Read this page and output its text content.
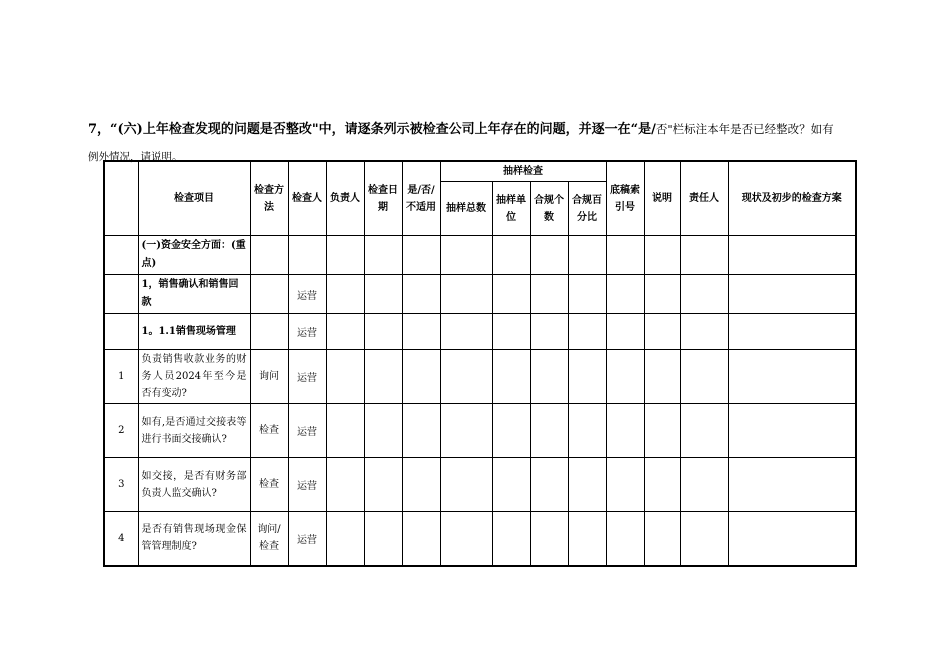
7，“(六)上年检查发现的问题是否整改"中，请逐条列示被检查公司上年存在的问题，并逐一在“是/否"栏标注本年是否已经整改？如有
例外情况，请说明。
	检查项目	检查方法	检查人	负责人	检查日期	是/否/不适用	抽样检查				底稿索引号	说明	责任人	现状及初步的检查方案
							抽样总数	抽样单位	合规个数	合规百分比				
	(一)资金安全方面：(重点)													
	1，销售确认和销售回款		运营											
	1。1.1销售现场管理		运营											
1	负责销售收款业务的财务人员2024年至今是否有变动?	询问	运营											
2	如有,是否通过交接表等进行书面交接确认?	检查	运营											
3	如交接，是否有财务部负责人监交确认?	检查	运营											
4	是否有销售现场现金保管管理制度?	询问/检查	运营											
